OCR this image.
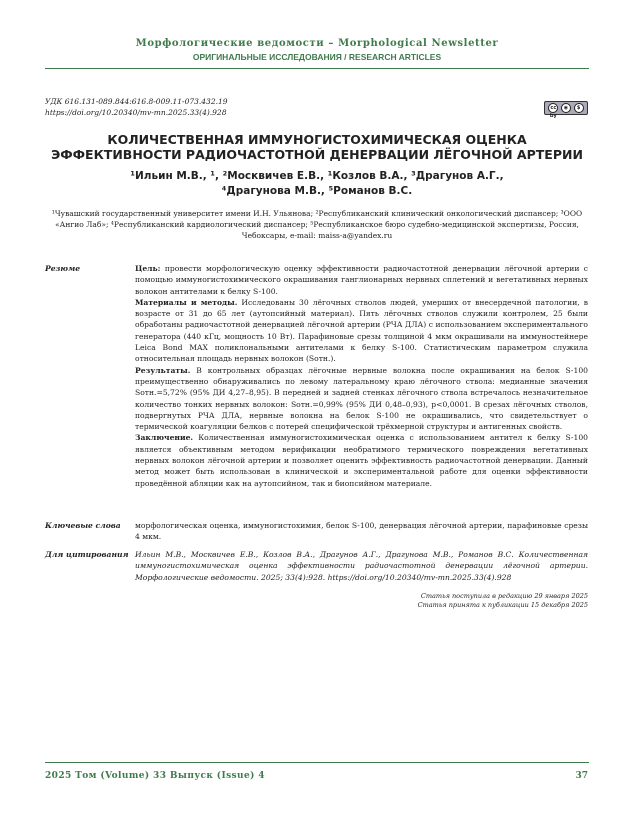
Морфологические ведомости – Morphological Newsletter
ОРИГИНАЛЬНЫЕ ИССЛЕДОВАНИЯ / RESEARCH ARTICLES
УДК 616.131-089.844:616.8-009.11-073.432.19
https://doi.org/10.20340/mv-mn.2025.33(4).928	cc by
◉	$
КОЛИЧЕСТВЕННАЯ ИММУНОГИСТОХИМИЧЕСКАЯ ОЦЕНКА ЭФФЕКТИВНОСТИ РАДИОЧАСТОТНОЙ ДЕНЕРВАЦИИ ЛЁГОЧНОЙ АРТЕРИИ
¹Ильин М.В., ¹, ²Москвичев Е.В., ¹Козлов В.А., ³Драгунов А.Г.,
⁴Драгунова М.В., ⁵Романов В.С.
¹Чувашский государственный университет имени И.Н. Ульянова; ²Республиканский клинический онкологический диспансер; ³ООО «Ангио Лаб»; ⁴Республиканский кардиологический диспансер; ⁵Республиканское бюро судебно-медицинской экспертизы, Россия, Чебоксары, e-mail: maiss-a@yandex.ru
Резюме	Цель: провести морфологическую оценку эффективности радиочастотной денервации лёгочной артерии с помощью иммуногистохимического окрашивания ганглионарных нервных сплетений и вегетативных нервных волокон антителами к белку S-100.

Материалы и методы. Исследованы 30 лёгочных стволов людей, умерших от внесердечной патологии, в возрасте от 31 до 65 лет (аутопсийный материал). Пять лёгочных стволов служили контролем, 25 были обработаны радиочастотной денервацией лёгочной артерии (РЧА ДЛА) с использованием экспериментального генератора (440 кГц, мощность 10 Вт). Парафиновые срезы толщиной 4 мкм окрашивали на иммуностейнере Leica Bond MAX поликлональными антителами к белку S-100. Статистическим параметром служила относительная площадь нервных волокон (Sотн.).

Результаты. В контрольных образцах лёгочные нервные волокна после окрашивания на белок S-100 преимущественно обнаруживались по левому латеральному краю лёгочного ствола: медианные значения Sотн.=5,72% (95% ДИ 4,27–8,95). В передней и задней стенках лёгочного ствола встречалось незначительное количество тонких нервных волокон: Sотн.=0,99% (95% ДИ 0,48–0,93), p<0,0001. В срезах лёгочных стволов, подвергнутых РЧА ДЛА, нервные волокна на белок S-100 не окрашивались, что свидетельствует о термической коагуляции белков с потерей специфической трёхмерной структуры и антигенных свойств.

Заключение. Количественная иммуногистохимическая оценка с использованием антител к белку S-100 является объективным методом верификации необратимого термического повреждения вегетативных нервных волокон лёгочной артерии и позволяет оценить эффективность радиочастотной денервации. Данный метод может быть использован в клинической и экспериментальной работе для оценки эффективности проведённой абляции как на аутопсийном, так и биопсийном материале.

Ключевые слова	морфологическая оценка, иммуногистохимия, белок S-100, денервация лёгочной артерии, парафиновые срезы 4 мкм.
Для цитирования Ильин М.В., Москвичев Е.В., Козлов В.А., Драгунов А.Г., Драгунова М.В., Романов В.С. Количественная иммуногистохимическая оценка эффективности радиочастотной денервации лёгочной артерии. Морфологические ведомости. 2025; 33(4):928. https://doi.org/10.20340/mv-mn.2025.33(4).928
Статья поступила в редакцию 29 января 2025
Статья принята к публикации 15 декабря 2025
2025 Том (Volume) 33 Выпуск (Issue) 4	37
